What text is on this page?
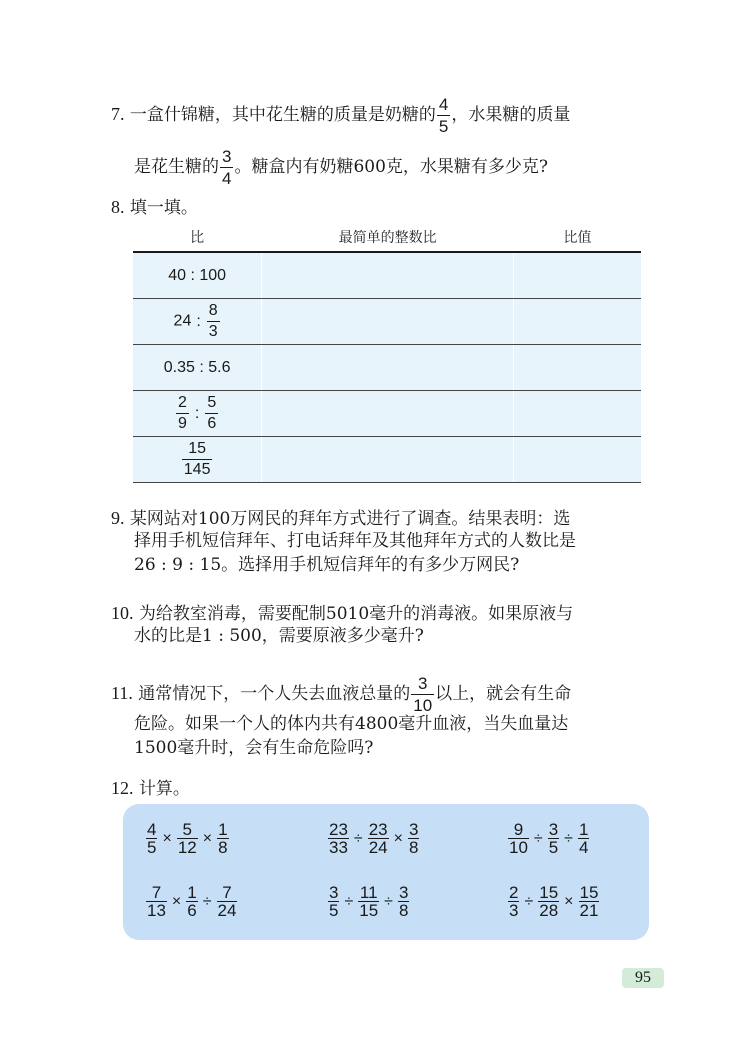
7. 一盒什锦糖，其中花生糖的质量是奶糖的 $\frac{4}{5}$ ，水果糖的质量
是花生糖的 $\frac{3}{4}$ 。糖盒内有奶糖600克，水果糖有多少克?
8. 填一填。
比	最简单的整数比	比值
40 : 100		
24 : $\frac{8}{3}$

0.35 : 5.6		

$\frac{2}{9}$ : $\frac{5}{6}$

$\frac{15}{145}$

9. 某网站对100万网民的拜年方式进行了调查。结果表明：选
择用手机短信拜年、打电话拜年及其他拜年方式的人数比是
26 : 9 : 15。选择用手机短信拜年的有多少万网民?
10. 为给教室消毒，需要配制5010毫升的消毒液。如果原液与
水的比是1 : 500，需要原液多少毫升?
11. 通常情况下，一个人失去血液总量的 $\frac{3}{10}$ 以上，就会有生命
危险。如果一个人的体内共有4800毫升血液，当失血量达
1500毫升时，会有生命危险吗?
12. 计算。
$\frac{4}{5} \times \frac{5}{12} \times \frac{1}{8}$	$\frac{23}{33} \div \frac{23}{24} \times \frac{3}{8}$	$\frac{9}{10} \div \frac{3}{5} \div \frac{1}{4}$
$\frac{7}{13} \times \frac{1}{6} \div \frac{7}{24}$	$\frac{3}{5} \div \frac{11}{15} \div \frac{3}{8}$	$\frac{2}{3} \div \frac{15}{28} \times \frac{15}{21}$
95
